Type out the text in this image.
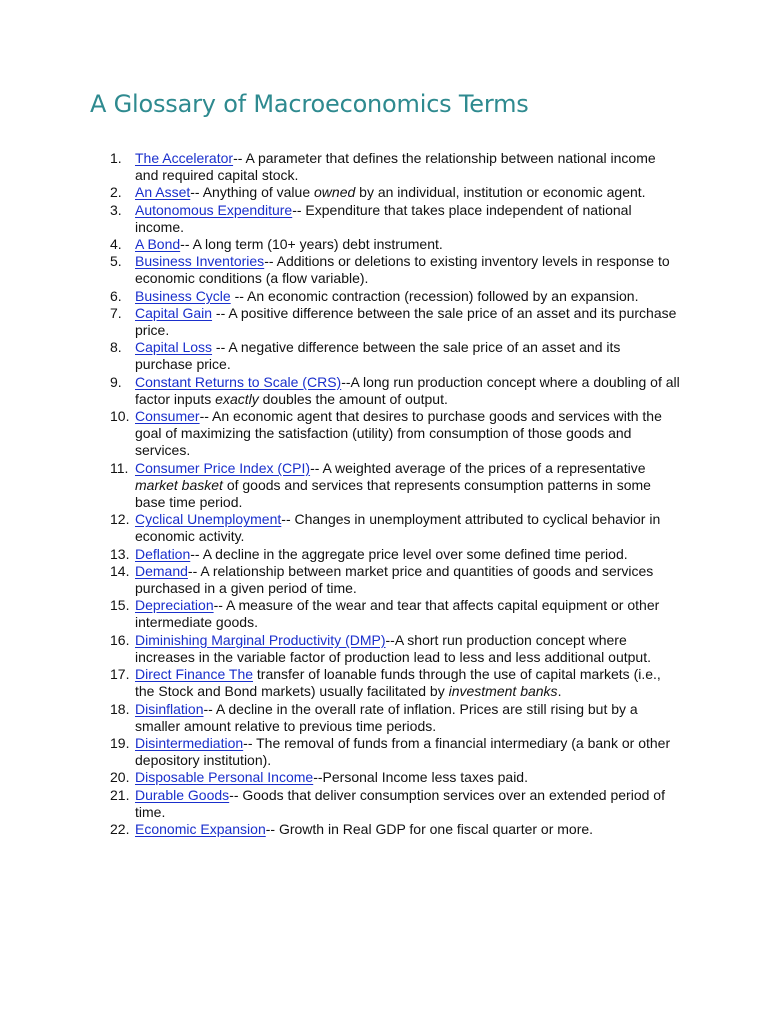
A Glossary of Macroeconomics Terms
1. The Accelerator-- A parameter that defines the relationship between national income and required capital stock.
2. An Asset-- Anything of value owned by an individual, institution or economic agent.
3. Autonomous Expenditure-- Expenditure that takes place independent of national income.
4. A Bond-- A long term (10+ years) debt instrument.
5. Business Inventories-- Additions or deletions to existing inventory levels in response to economic conditions (a flow variable).
6. Business Cycle -- An economic contraction (recession) followed by an expansion.
7. Capital Gain -- A positive difference between the sale price of an asset and its purchase price.
8. Capital Loss -- A negative difference between the sale price of an asset and its purchase price.
9. Constant Returns to Scale (CRS)--A long run production concept where a doubling of all factor inputs exactly doubles the amount of output.
10. Consumer-- An economic agent that desires to purchase goods and services with the goal of maximizing the satisfaction (utility) from consumption of those goods and services.
11. Consumer Price Index (CPI)-- A weighted average of the prices of a representative market basket of goods and services that represents consumption patterns in some base time period.
12. Cyclical Unemployment-- Changes in unemployment attributed to cyclical behavior in economic activity.
13. Deflation-- A decline in the aggregate price level over some defined time period.
14. Demand-- A relationship between market price and quantities of goods and services purchased in a given period of time.
15. Depreciation-- A measure of the wear and tear that affects capital equipment or other intermediate goods.
16. Diminishing Marginal Productivity (DMP)--A short run production concept where increases in the variable factor of production lead to less and less additional output.
17. Direct Finance The transfer of loanable funds through the use of capital markets (i.e., the Stock and Bond markets) usually facilitated by investment banks.
18. Disinflation-- A decline in the overall rate of inflation. Prices are still rising but by a smaller amount relative to previous time periods.
19. Disintermediation-- The removal of funds from a financial intermediary (a bank or other depository institution).
20. Disposable Personal Income--Personal Income less taxes paid.
21. Durable Goods-- Goods that deliver consumption services over an extended period of time.
22. Economic Expansion-- Growth in Real GDP for one fiscal quarter or more.
